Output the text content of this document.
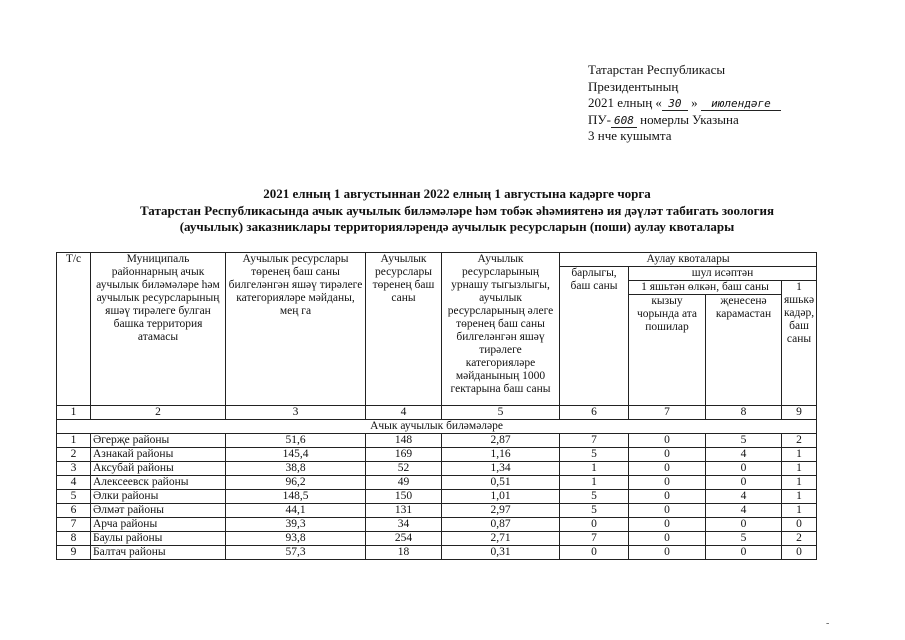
Татарстан Республикасы
Президентының
2021 елның « 30 » июлендәге
ПУ- 608 номерлы Указына
3 нче кушымта
2021 елның 1 августыннан 2022 елның 1 августына кадәрге чорга
Татарстан Республикасында ачык аучылык биләмәләре һәм тобәк әһәмиятенә ия дәүләт табигать зоология
(аучылык) заказниклары территорияләрендә аучылык ресурсларын (поши) аулау квоталары
Т/с	Муниципаль районнарның ачык аучылык биләмәләре һәм аучылык ресурсларының яшәү тирәлеге булган башка территория атамасы	Аучылык ресурслары төренең баш саны билгеләнгән яшәү тирәлеге категорияләре мәйданы, мең га	Аучылык ресурслары төренең баш саны	Аучылык ресурсларының урнашу тыгызлыгы, аучылык ресурсларының әлеге төренең баш саны билгеләнгән яшәү тирәлеге категорияләре мәйданының 1000 гектарына баш саны	Аулау квоталары			
					барлыгы, баш саны	шул исәптән		
						1 яшьтән өлкән, баш саны		1 яшькә кадәр, баш саны
						кызыу чорында ата пошилар	җенесенә карамастан	
1	2	3	4	5	6	7	8	9
Ачык аучылык биләмәләре								
1	Әгерҗе районы	51,6	148	2,87	7	0	5	2
2	Азнакай районы	145,4	169	1,16	5	0	4	1
3	Аксубай районы	38,8	52	1,34	1	0	0	1
4	Алексеевск районы	96,2	49	0,51	1	0	0	1
5	Әлки районы	148,5	150	1,01	5	0	4	1
6	Әлмәт районы	44,1	131	2,97	5	0	4	1
7	Арча районы	39,3	34	0,87	0	0	0	0
8	Баулы районы	93,8	254	2,71	7	0	5	2
9	Балтач районы	57,3	18	0,31	0	0	0	0
-
